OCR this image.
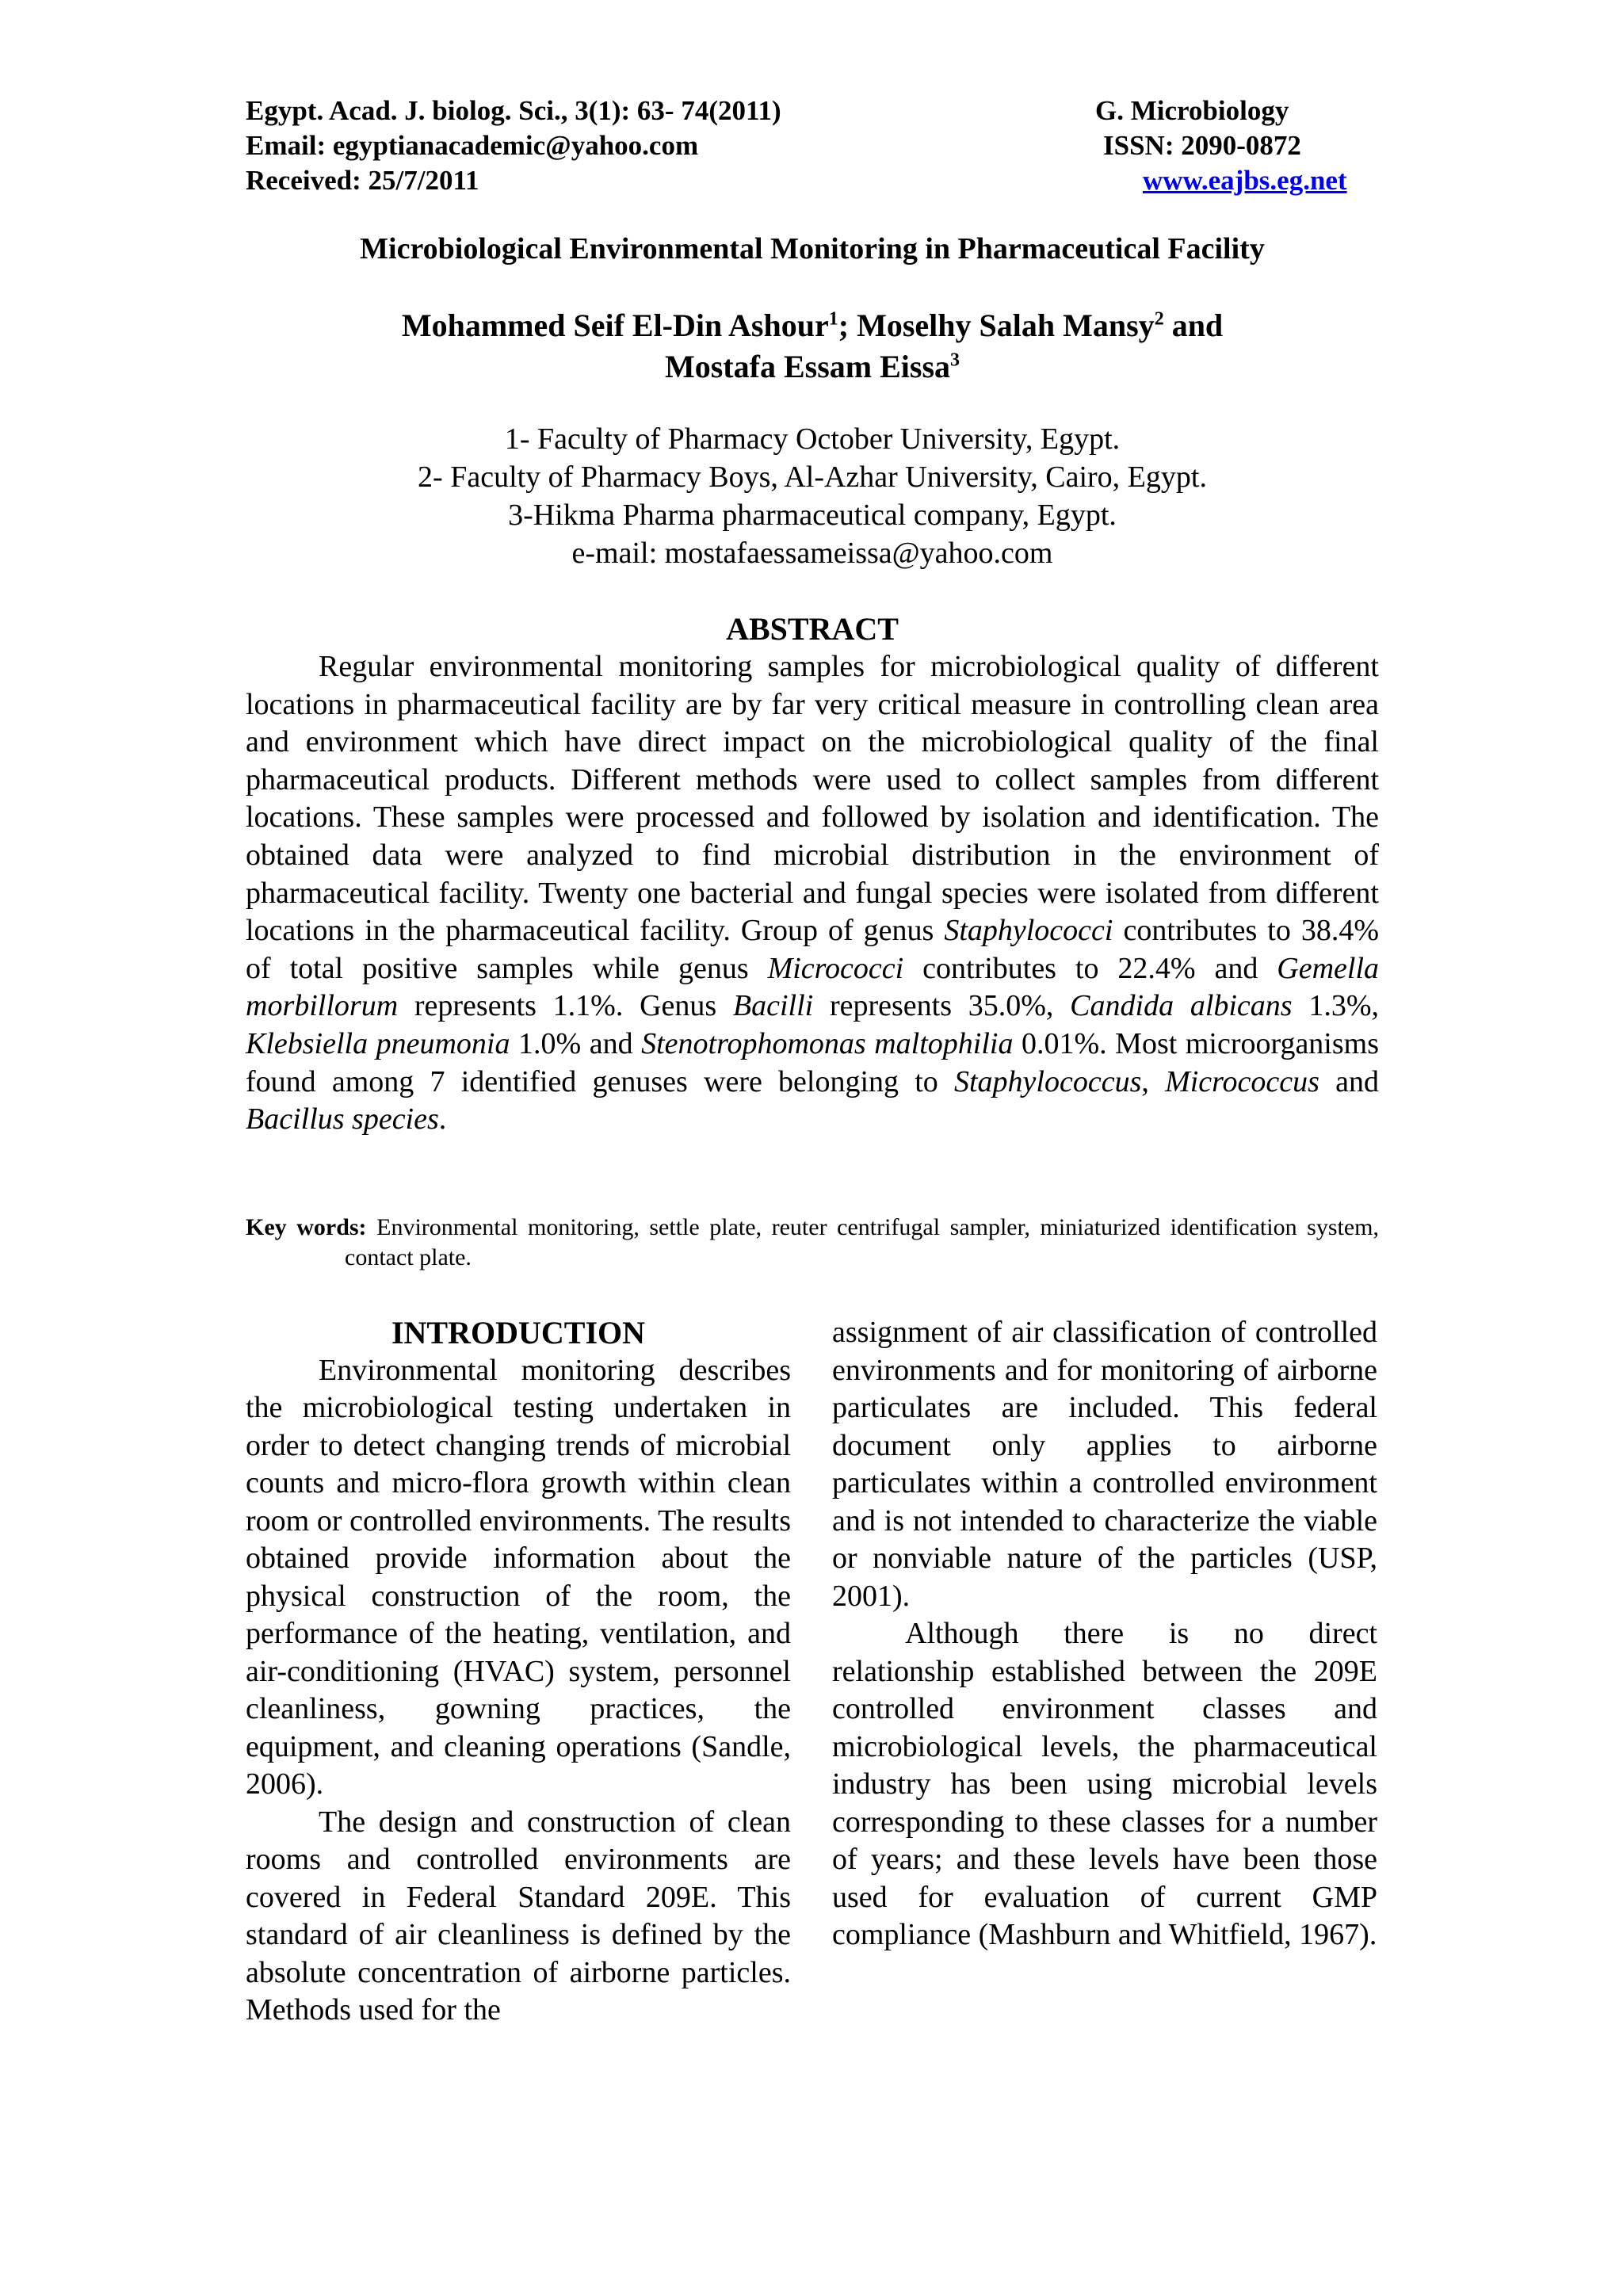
Egypt. Acad. J. biolog. Sci., 3(1): 63- 74(2011)	G. Microbiology
Email: egyptianacademic@yahoo.com	ISSN: 2090-0872
Received: 25/7/2011	www.eajbs.eg.net
Microbiological Environmental Monitoring in Pharmaceutical Facility
Mohammed Seif El-Din Ashour$^1$; Moselhy Salah Mansy$^2$ and
Mostafa Essam Eissa$^3$
1- Faculty of Pharmacy October University, Egypt.
2- Faculty of Pharmacy Boys, Al-Azhar University, Cairo, Egypt.
3-Hikma Pharma pharmaceutical company, Egypt.
e-mail: mostafaessameissa@yahoo.com
ABSTRACT

Regular environmental monitoring samples for microbiological quality of different locations in pharmaceutical facility are by far very critical measure in controlling clean area and environment which have direct impact on the microbiological quality of the final pharmaceutical products. Different methods were used to collect samples from different locations. These samples were processed and followed by isolation and identification. The obtained data were analyzed to find microbial distribution in the environment of pharmaceutical facility. Twenty one bacterial and fungal species were isolated from different locations in the pharmaceutical facility. Group of genus Staphylococci contributes to 38.4% of total positive samples while genus Micrococci contributes to 22.4% and Gemella morbillorum represents 1.1%. Genus Bacilli represents 35.0%, Candida albicans 1.3%, Klebsiella pneumonia 1.0% and Stenotrophomonas maltophilia 0.01%. Most microorganisms found among 7 identified genuses were belonging to Staphylococcus, Micrococcus and Bacillus species.

Key words: Environmental monitoring, settle plate, reuter centrifugal sampler, miniaturized identification system, contact plate.

INTRODUCTION

Environmental monitoring describes the microbiological testing undertaken in order to detect changing trends of microbial counts and micro-flora growth within clean room or controlled environments. The results obtained provide information about the physical construction of the room, the performance of the heating, ventilation, and air-conditioning (HVAC) system, personnel cleanliness, gowning practices, the equipment, and cleaning operations (Sandle, 2006).

The design and construction of clean rooms and controlled environments are covered in Federal Standard 209E. This standard of air cleanliness is defined by the absolute concentration of airborne particles. Methods used for the

assignment of air classification of controlled environments and for monitoring of airborne particulates are included. This federal document only applies to airborne particulates within a controlled environment and is not intended to characterize the viable or nonviable nature of the particles (USP, 2001).

Although there is no direct relationship established between the 209E controlled environment classes and microbiological levels, the pharmaceutical industry has been using microbial levels corresponding to these classes for a number of years; and these levels have been those used for evaluation of current GMP compliance (Mashburn and Whitfield, 1967).
